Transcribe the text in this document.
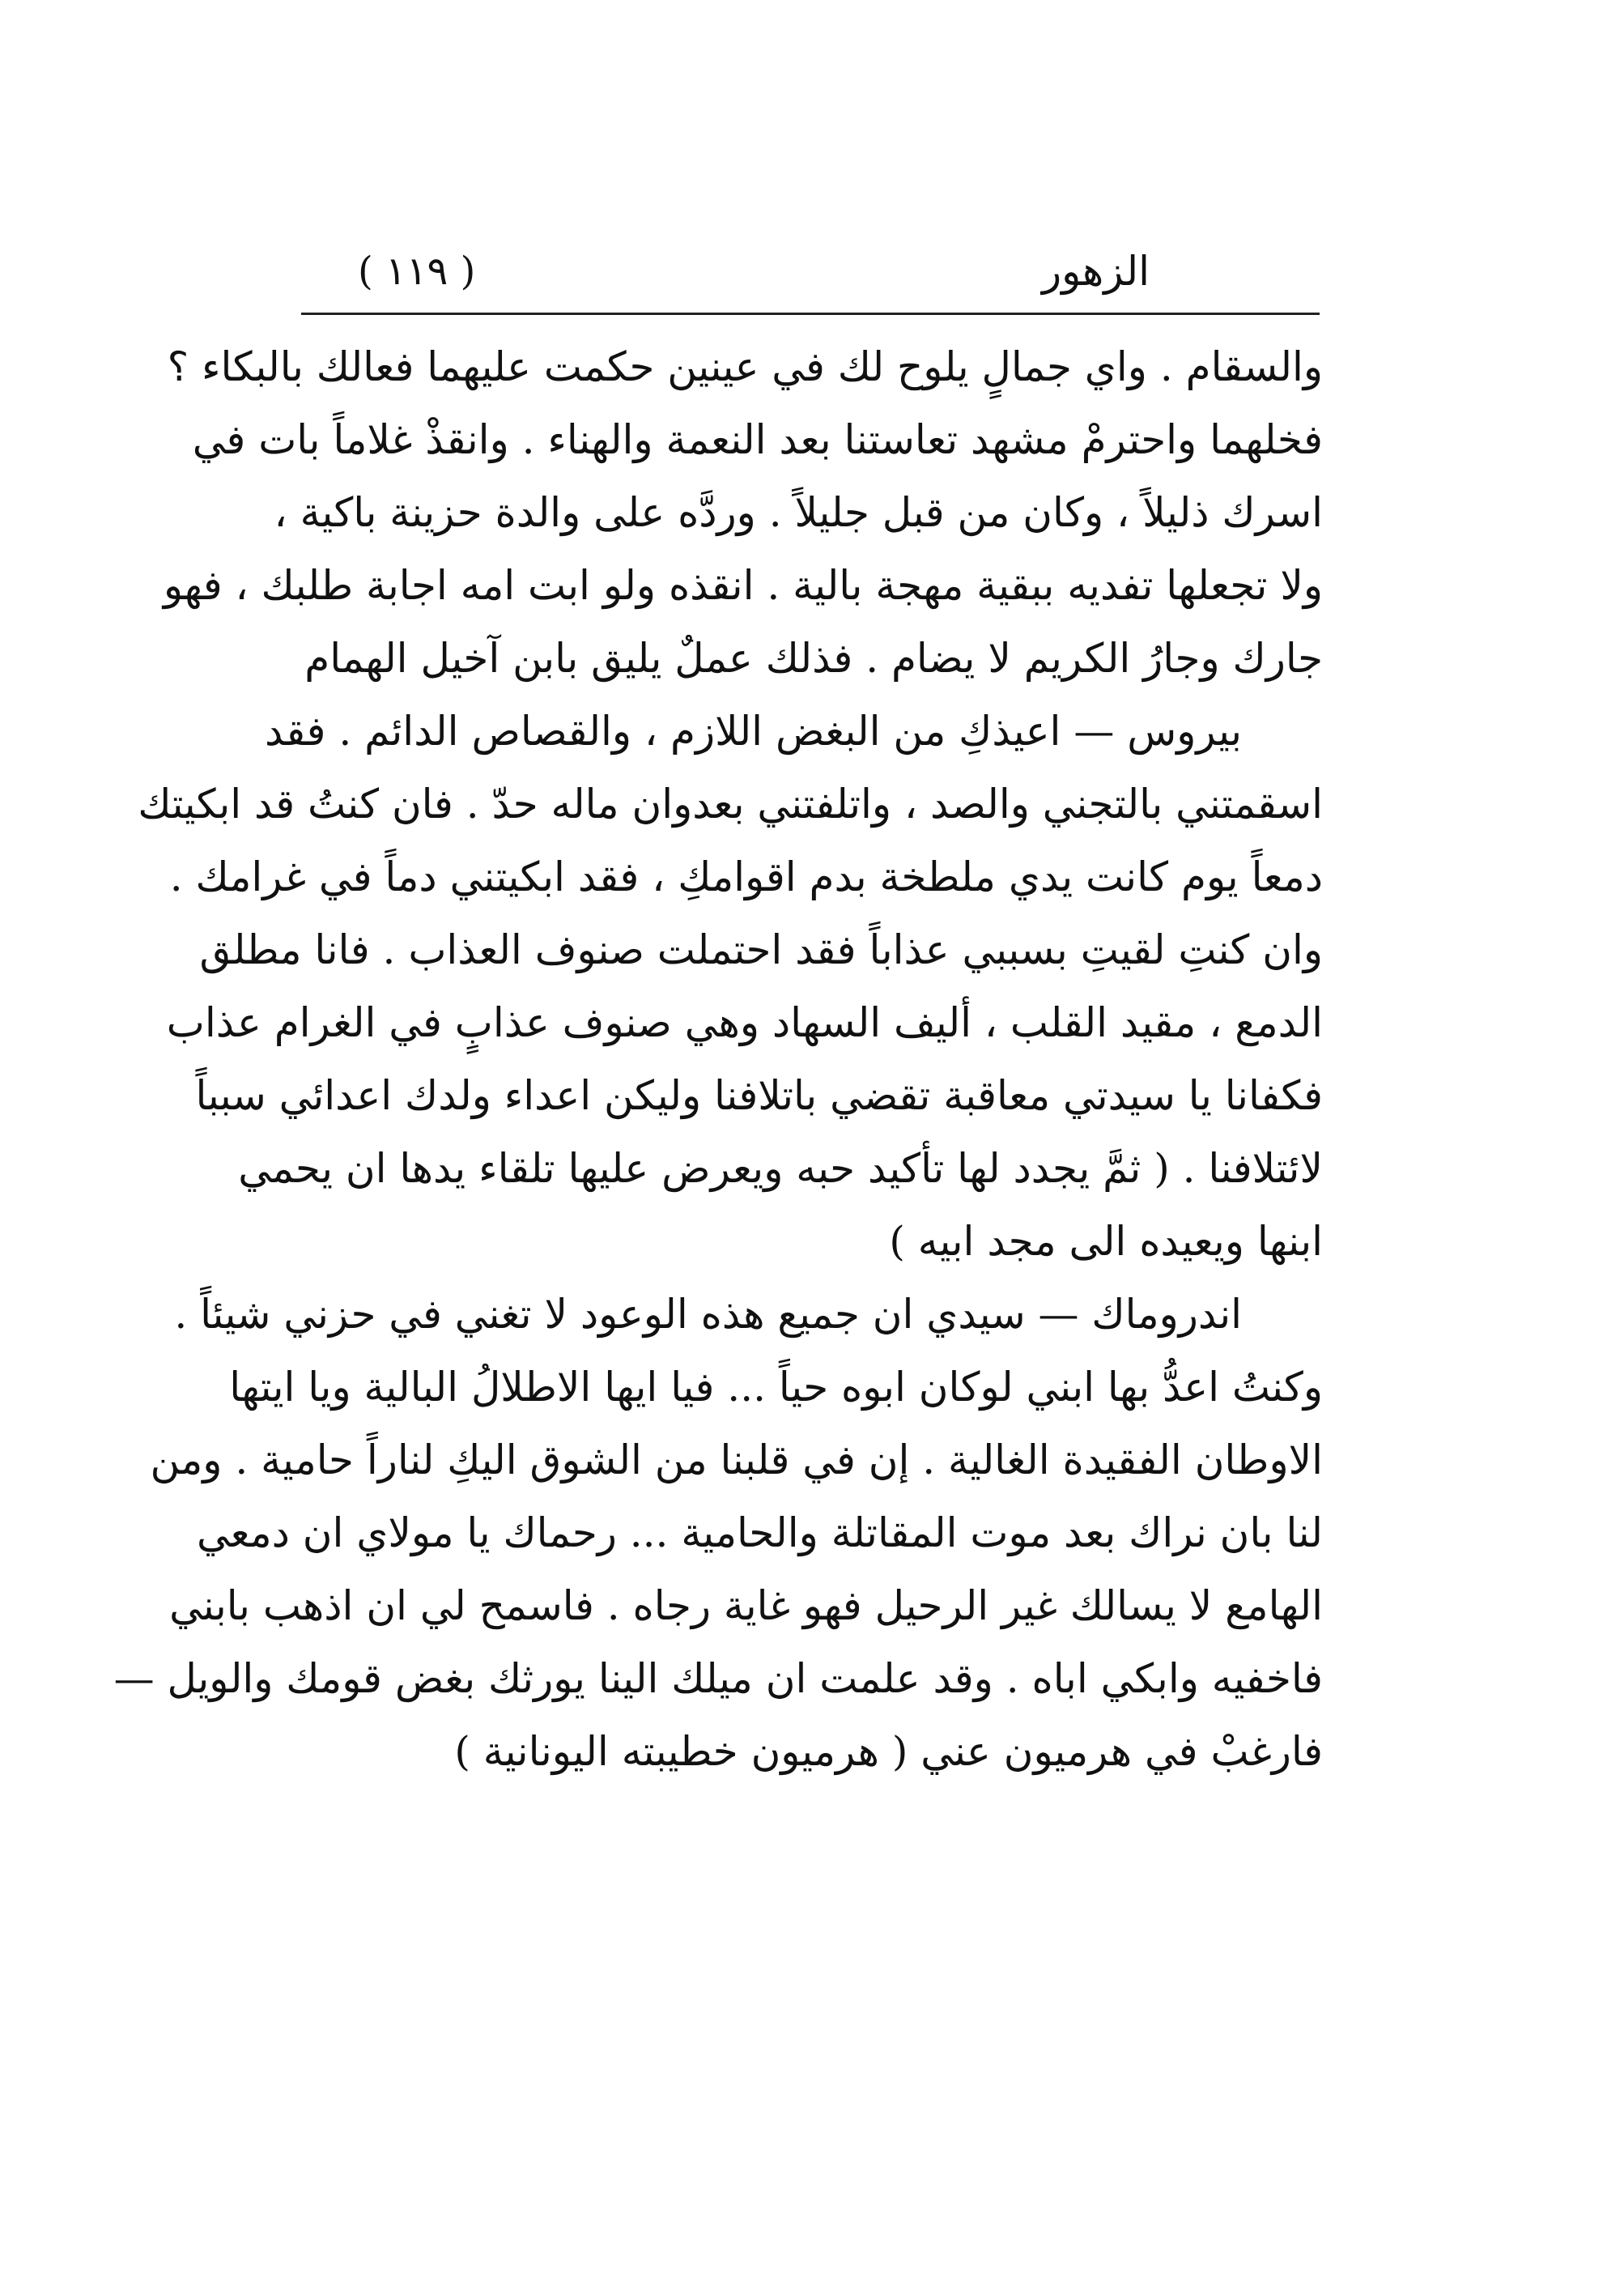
الزهور
( ١١٩ )
والسقام . واي جمالٍ يلوح لك في عينين حكمت عليهما فعالك بالبكاء ؟
فخلهما واحترمْ مشهد تعاستنا بعد النعمة والهناء . وانقذْ غلاماً بات في
اسرك ذليلاً ، وكان من قبل جليلاً . وردَّه على والدة حزينة باكية ،
ولا تجعلها تفديه ببقية مهجة بالية . انقذه ولو ابت امه اجابة طلبك ، فهو
جارك وجارُ الكريم لا يضام . فذلك عملٌ يليق بابن آخيل الهمام
بيروس — اعيذكِ من البغض اللازم ، والقصاص الدائم . فقد
اسقمتني بالتجني والصد ، واتلفتني بعدوان ماله حدّ . فان كنتُ قد ابكيتك
دمعاً يوم كانت يدي ملطخة بدم اقوامكِ ، فقد ابكيتني دماً في غرامك .
وان كنتِ لقيتِ بسببي عذاباً فقد احتملت صنوف العذاب . فانا مطلق
الدمع ، مقيد القلب ، أليف السهاد وهي صنوف عذابٍ في الغرام عذاب
فكفانا يا سيدتي معاقبة تقضي باتلافنا وليكن اعداء ولدك اعدائي سبباً
لائتلافنا . ( ثمَّ يجدد لها تأكيد حبه ويعرض عليها تلقاء يدها ان يحمي
ابنها ويعيده الى مجد ابيه )
اندروماك — سيدي ان جميع هذه الوعود لا تغني في حزني شيئاً .
وكنتُ اعدُّ بها ابني لوكان ابوه حياً ... فيا ايها الاطلالُ البالية ويا ايتها
الاوطان الفقيدة الغالية . إن في قلبنا من الشوق اليكِ لناراً حامية . ومن
لنا بان نراك بعد موت المقاتلة والحامية ... رحماك يا مولاي ان دمعي
الهامع لا يسالك غير الرحيل فهو غاية رجاه . فاسمح لي ان اذهب بابني
فاخفيه وابكي اباه . وقد علمت ان ميلك الينا يورثك بغض قومك والويل —
فارغبْ في هرميون عني ( هرميون خطيبته اليونانية )
